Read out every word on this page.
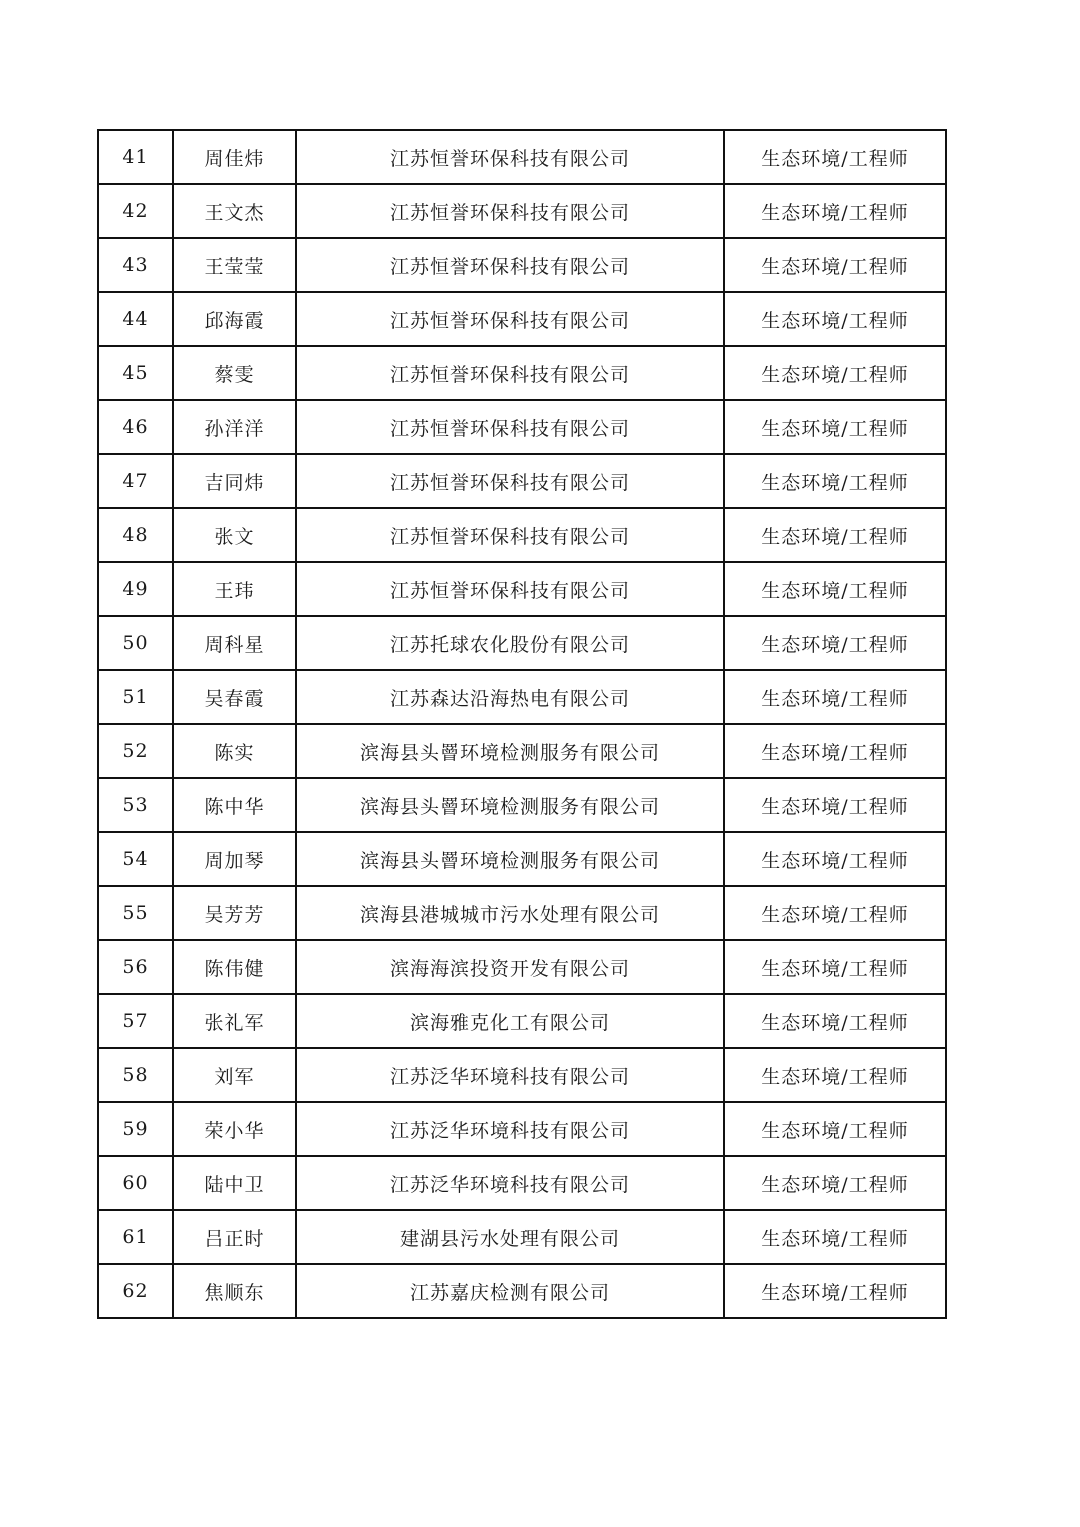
41	周佳炜	江苏恒誉环保科技有限公司	生态环境/工程师
42	王文杰	江苏恒誉环保科技有限公司	生态环境/工程师
43	王莹莹	江苏恒誉环保科技有限公司	生态环境/工程师
44	邱海霞	江苏恒誉环保科技有限公司	生态环境/工程师
45	蔡雯	江苏恒誉环保科技有限公司	生态环境/工程师
46	孙洋洋	江苏恒誉环保科技有限公司	生态环境/工程师
47	吉同炜	江苏恒誉环保科技有限公司	生态环境/工程师
48	张文	江苏恒誉环保科技有限公司	生态环境/工程师
49	王玮	江苏恒誉环保科技有限公司	生态环境/工程师
50	周科星	江苏托球农化股份有限公司	生态环境/工程师
51	吴春霞	江苏森达沿海热电有限公司	生态环境/工程师
52	陈实	滨海县头罾环境检测服务有限公司	生态环境/工程师
53	陈中华	滨海县头罾环境检测服务有限公司	生态环境/工程师
54	周加琴	滨海县头罾环境检测服务有限公司	生态环境/工程师
55	吴芳芳	滨海县港城城市污水处理有限公司	生态环境/工程师
56	陈伟健	滨海海滨投资开发有限公司	生态环境/工程师
57	张礼军	滨海雅克化工有限公司	生态环境/工程师
58	刘军	江苏泛华环境科技有限公司	生态环境/工程师
59	荣小华	江苏泛华环境科技有限公司	生态环境/工程师
60	陆中卫	江苏泛华环境科技有限公司	生态环境/工程师
61	吕正时	建湖县污水处理有限公司	生态环境/工程师
62	焦顺东	江苏嘉庆检测有限公司	生态环境/工程师
